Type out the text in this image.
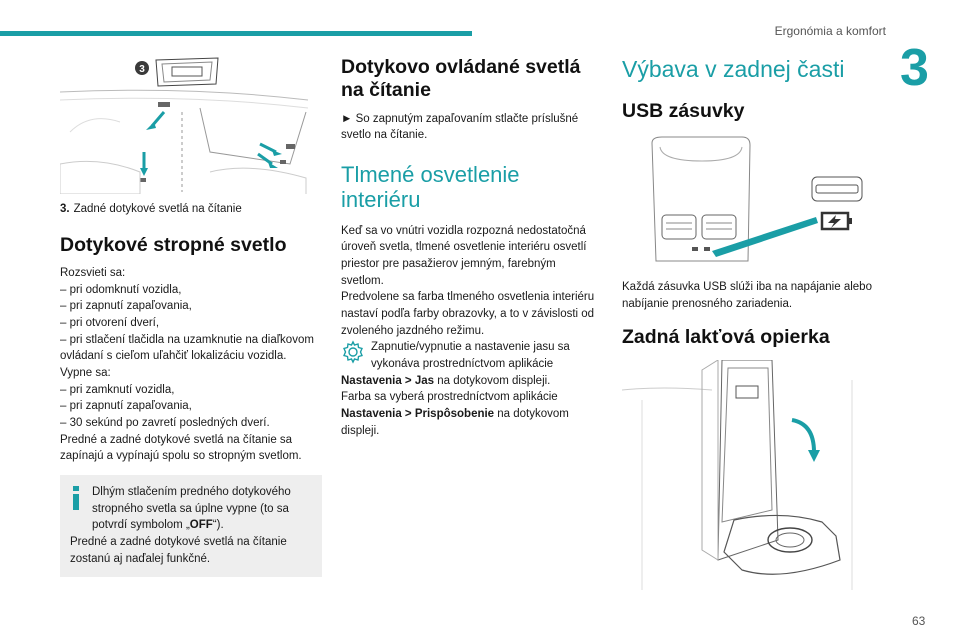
Ergonómia a komfort
3
63
3
3. Zadné dotykové svetlá na čítanie
Dotykové stropné svetlo
Rozsvieti sa:
– pri odomknutí vozidla,
– pri zapnutí zapaľovania,
– pri otvorení dverí,
– pri stlačení tlačidla na uzamknutie na diaľkovom ovládaní s cieľom uľahčiť lokalizáciu vozidla.
Vypne sa:
– pri zamknutí vozidla,
– pri zapnutí zapaľovania,
– 30 sekúnd po zavretí posledných dverí.
Predné a zadné dotykové svetlá na čítanie sa zapínajú a vypínajú spolu so stropným svetlom.
Dlhým stlačením predného dotykového stropného svetla sa úplne vypne (to sa potvrdí symbolom „OFF“).
Predné a zadné dotykové svetlá na čítanie zostanú aj naďalej funkčné.
Dotykovo ovládané svetlá na čítanie

► So zapnutým zapaľovaním stlačte príslušné svetlo na čítanie.

Tlmené osvetlenie interiéru

Keď sa vo vnútri vozidla rozpozná nedostatočná úroveň svetla, tlmené osvetlenie interiéru osvetlí priestor pre pasažierov jemným, farebným svetlom.

Predvolene sa farba tlmeného osvetlenia interiéru nastaví podľa farby obrazovky, a to v závislosti od zvoleného jazdného režimu.

Zapnutie/vypnutie a nastavenie jasu sa vykonáva prostredníctvom aplikácie

Nastavenia > Jas na dotykovom displeji.

Farba sa vyberá prostredníctvom aplikácie
Nastavenia > Prispôsobenie na dotykovom displeji.

Výbava v zadnej časti
USB zásuvky

Každá zásuvka USB slúži iba na napájanie alebo nabíjanie prenosného zariadenia.

Zadná lakťová opierka
